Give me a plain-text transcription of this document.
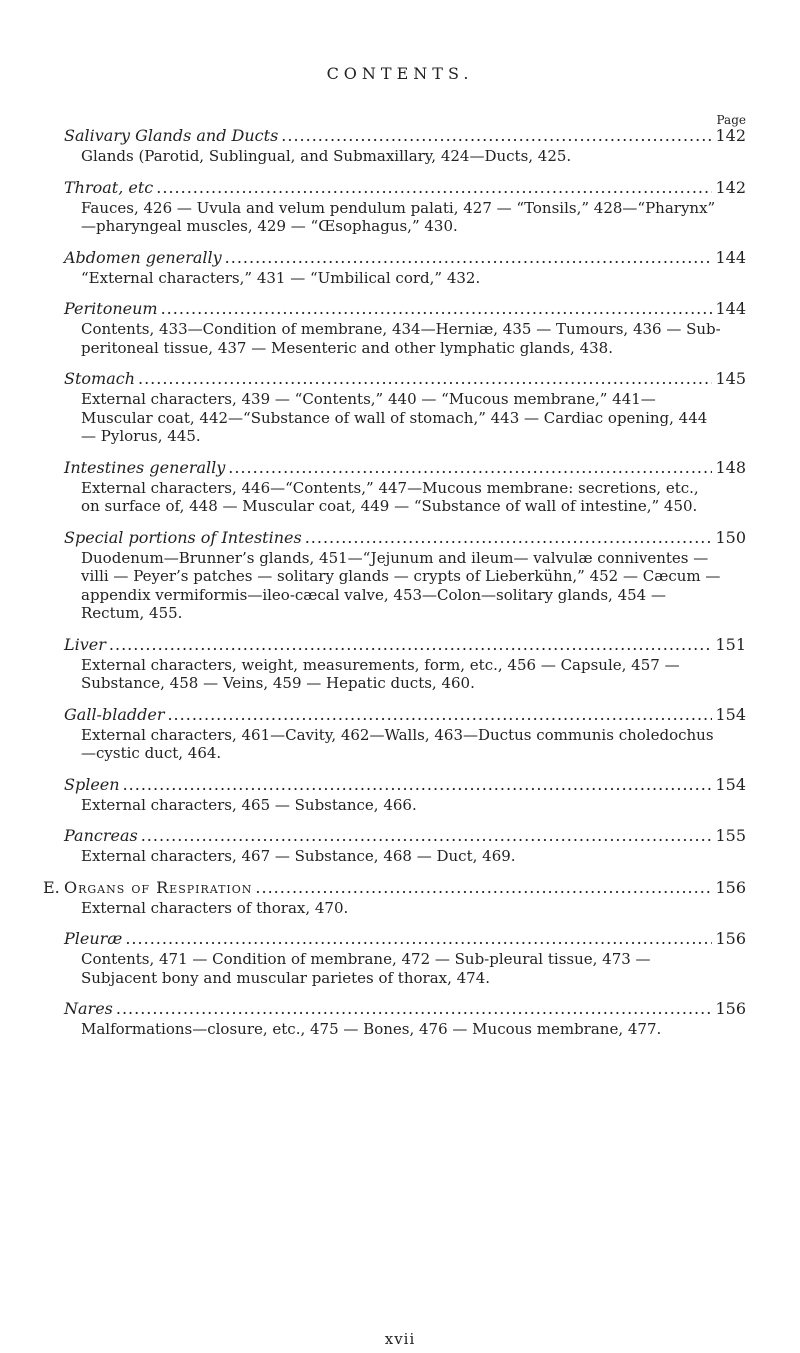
CONTENTS.
Page
Salivary Glands and Ducts .....	142
Glands (Parotid, Sublingual, and Submaxillary, 424—Ducts, 425.
Throat, etc .....	142
Fauces, 426 — Uvula and velum pendulum palati, 427 — “Tonsils,” 428—“Pharynx” —pharyngeal muscles, 429 — “Œsophagus,” 430.
Abdomen generally .....	144
“External characters,” 431 — “Umbilical cord,” 432.
Peritoneum .....	144
Contents, 433—Condition of membrane, 434—Herniæ, 435 — Tumours, 436 — Sub-peritoneal tissue, 437 — Mesenteric and other lymphatic glands, 438.
Stomach .....	145
External characters, 439 — “Contents,” 440 — “Mucous membrane,” 441—Muscular coat, 442—“Substance of wall of stomach,” 443 — Cardiac opening, 444 — Pylorus, 445.
Intestines generally .....	148
External characters, 446—“Contents,” 447—Mucous membrane: secretions, etc., on surface of, 448 — Muscular coat, 449 — “Substance of wall of intestine,” 450.
Special portions of Intestines .....	150
Duodenum—Brunner’s glands, 451—“Jejunum and ileum— valvulæ conniventes — villi — Peyer’s patches — solitary glands — crypts of Lieberkühn,” 452 — Cæcum — appendix vermiformis—ileo-cæcal valve, 453—Colon—solitary glands, 454 — Rectum, 455.
Liver .....	151
External characters, weight, measurements, form, etc., 456 — Capsule, 457 — Substance, 458 — Veins, 459 — Hepatic ducts, 460.
Gall-bladder .....	154
External characters, 461—Cavity, 462—Walls, 463—Ductus communis choledochus—cystic duct, 464.
Spleen .....	154
External characters, 465 — Substance, 466.
Pancreas .....	155
External characters, 467 — Substance, 468 — Duct, 469.
E. Organs of Respiration .....	156
External characters of thorax, 470.
Pleuræ .....	156
Contents, 471 — Condition of membrane, 472 — Sub-pleural tissue, 473 — Subjacent bony and muscular parietes of thorax, 474.
Nares .....	156
Malformations—closure, etc., 475 — Bones, 476 — Mucous membrane, 477.
xvii
